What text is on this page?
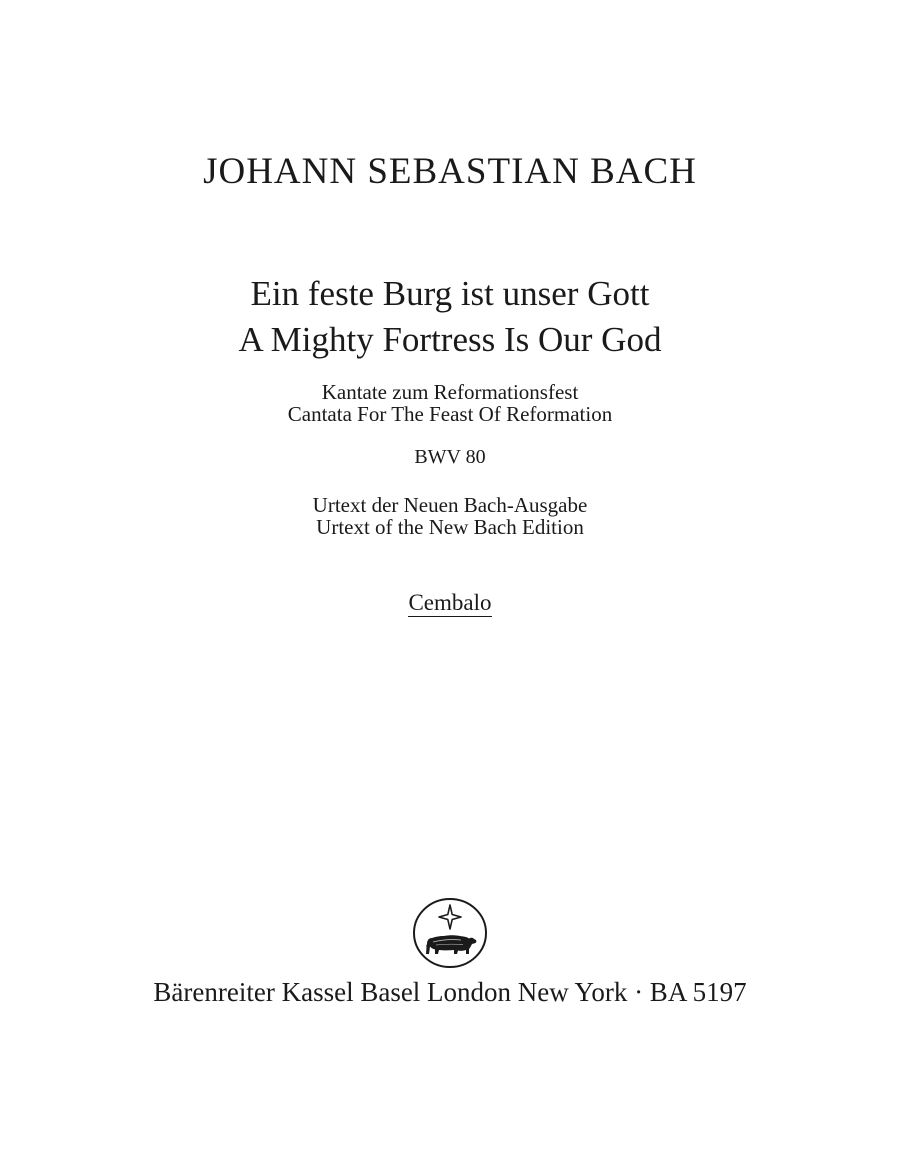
JOHANN SEBASTIAN BACH
Ein feste Burg ist unser Gott
A Mighty Fortress Is Our God
Kantate zum Reformationsfest
Cantata For The Feast Of Reformation
BWV 80
Urtext der Neuen Bach-Ausgabe
Urtext of the New Bach Edition
Cembalo
Bärenreiter Kassel Basel London New York · BA 5197
